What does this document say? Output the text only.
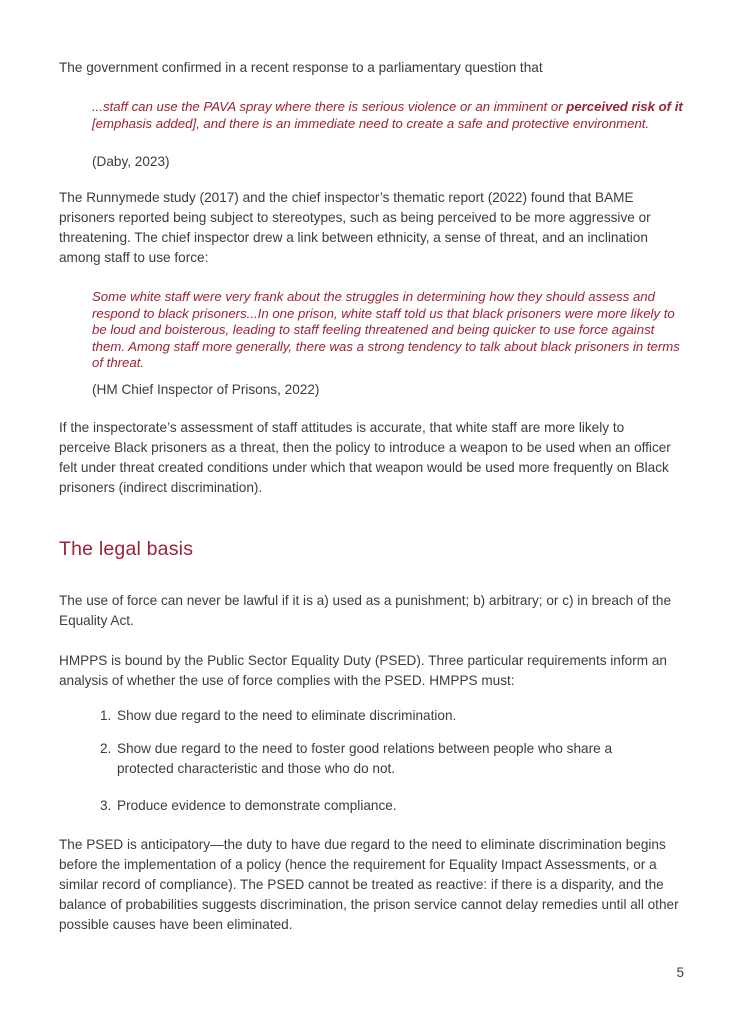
The government confirmed in a recent response to a parliamentary question that

...staff can use the PAVA spray where there is serious violence or an imminent or perceived risk of it [emphasis added], and there is an immediate need to create a safe and protective environment.

(Daby, 2023)

The Runnymede study (2017) and the chief inspector’s thematic report (2022) found that BAME prisoners reported being subject to stereotypes, such as being perceived to be more aggressive or threatening. The chief inspector drew a link between ethnicity, a sense of threat, and an inclination among staff to use force:

Some white staff were very frank about the struggles in determining how they should assess and respond to black prisoners...In one prison, white staff told us that black prisoners were more likely to be loud and boisterous, leading to staff feeling threatened and being quicker to use force against them. Among staff more generally, there was a strong tendency to talk about black prisoners in terms of threat.

(HM Chief Inspector of Prisons, 2022)

If the inspectorate’s assessment of staff attitudes is accurate, that white staff are more likely to perceive Black prisoners as a threat, then the policy to introduce a weapon to be used when an officer felt under threat created conditions under which that weapon would be used more frequently on Black prisoners (indirect discrimination).

The legal basis

The use of force can never be lawful if it is a) used as a punishment; b) arbitrary; or c) in breach of the Equality Act.

HMPPS is bound by the Public Sector Equality Duty (PSED). Three particular requirements inform an analysis of whether the use of force complies with the PSED. HMPPS must:

1. Show due regard to the need to eliminate discrimination.
2. Show due regard to the need to foster good relations between people who share a protected characteristic and those who do not.
3. Produce evidence to demonstrate compliance.

The PSED is anticipatory—the duty to have due regard to the need to eliminate discrimination begins before the implementation of a policy (hence the requirement for Equality Impact Assessments, or a similar record of compliance). The PSED cannot be treated as reactive: if there is a disparity, and the balance of probabilities suggests discrimination, the prison service cannot delay remedies until all other possible causes have been eliminated.

5
